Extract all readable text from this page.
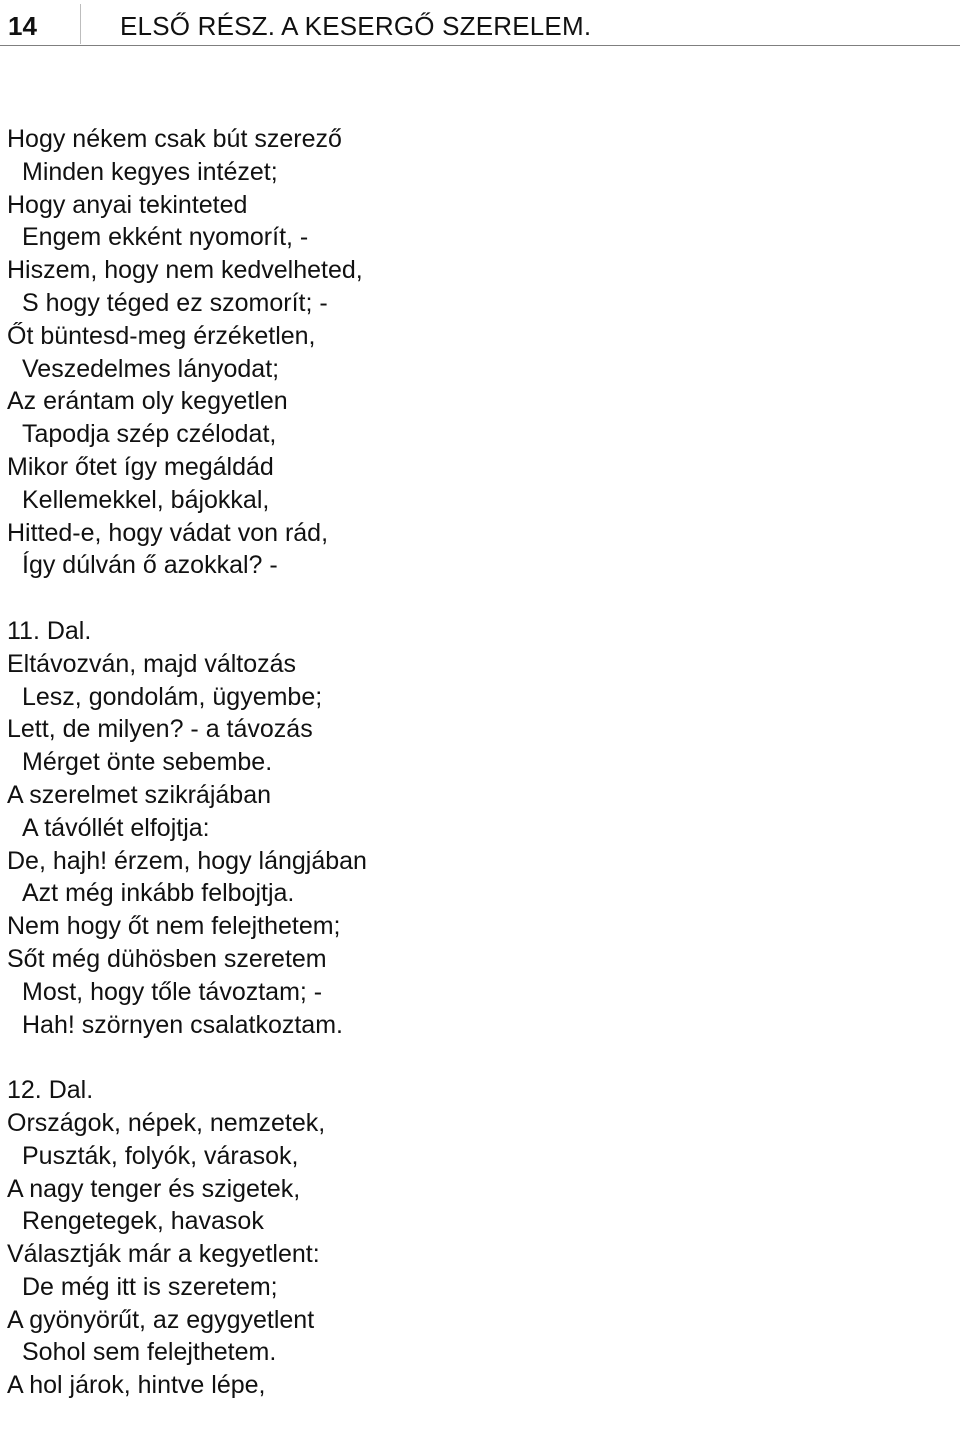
14	ELSŐ RÉSZ. A KESERGŐ SZERELEM.
Hogy nékem csak bút szerező
Minden kegyes intézet;
Hogy anyai tekinteted
Engem ekként nyomorít, -
Hiszem, hogy nem kedvelheted,
S hogy téged ez szomorít; -
Őt büntesd-meg érzéketlen,
Veszedelmes lányodat;
Az erántam oly kegyetlen
Tapodja szép czélodat,
Mikor őtet így megáldád
Kellemekkel, bájokkal,
Hitted-e, hogy vádat von rád,
Így dúlván ő azokkal? -
11. Dal.
Eltávozván, majd változás
Lesz, gondolám, ügyembe;
Lett, de milyen? - a távozás
Mérget önte sebembe.
A szerelmet szikrájában
A távóllét elfojtja:
De, hajh! érzem, hogy lángjában
Azt még inkább felbojtja.
Nem hogy őt nem felejthetem;
Sőt még dühösben szeretem
Most, hogy tőle távoztam; -
Hah! szörnyen csalatkoztam.
12. Dal.
Országok, népek, nemzetek,
Puszták, folyók, várasok,
A nagy tenger és szigetek,
Rengetegek, havasok
Választják már a kegyetlent:
De még itt is szeretem;
A gyönyörűt, az egygyetlent
Sohol sem felejthetem.
A hol járok, hintve lépe,
